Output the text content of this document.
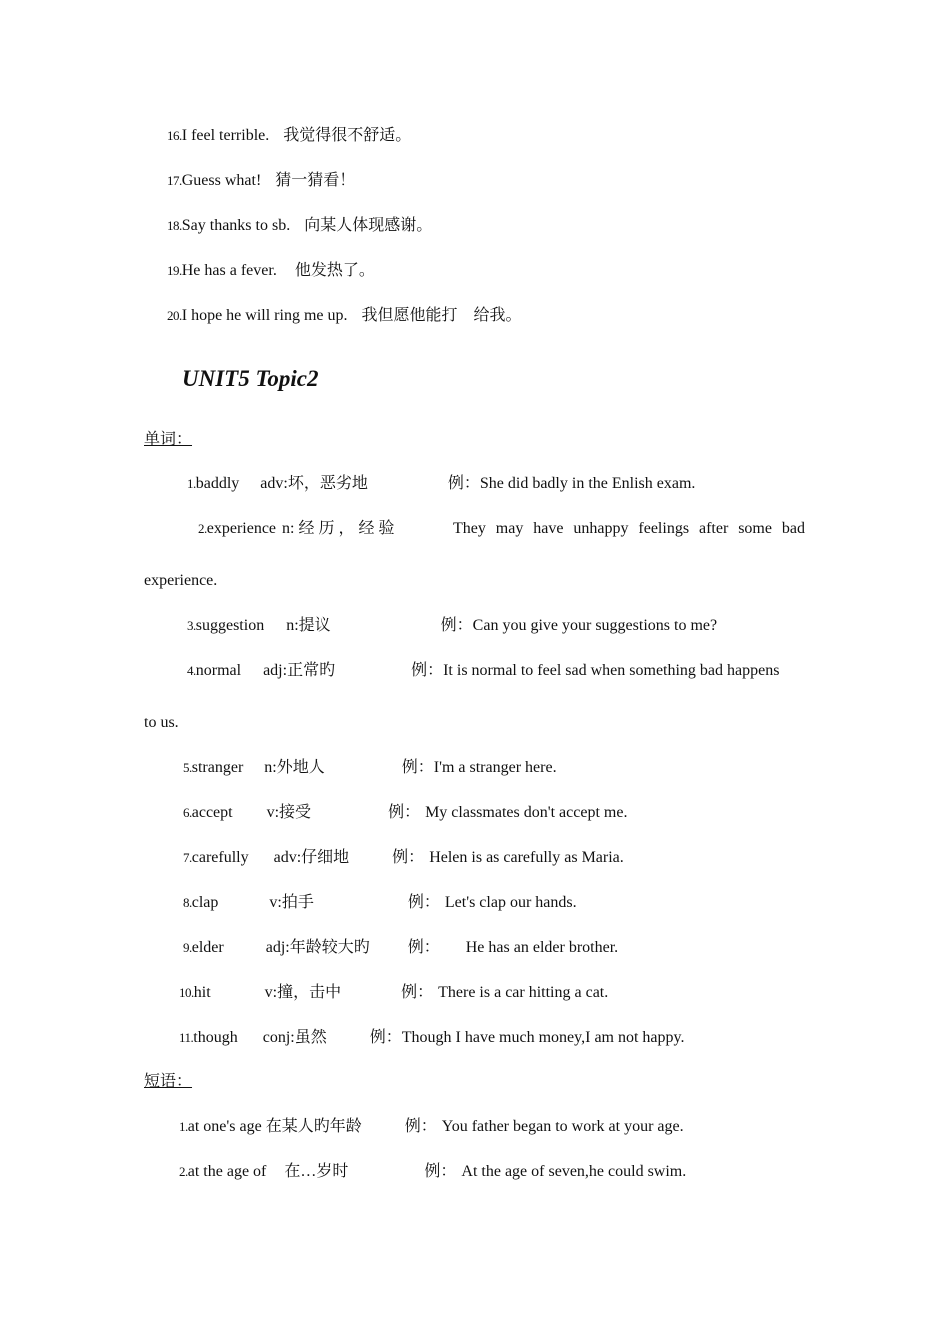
16.I feel terrible. 我觉得很不舒适。
17.Guess what! 猜一猜看！
18.Say thanks to sb. 向某人体现感谢。
19.He has a fever. 他发热了。
20.I hope he will ring me up. 我但愿他能打　给我。
UNIT5 Topic2
单词：
1.baddly adv:坏，恶劣地	例：She did badly in the Enlish exam.
2.experience n: 经 历 ， 经 验	They may have unhappy feelings after some bad
experience.
3.suggestion n:提议	例：Can you give your suggestions to me?
4.normal adj:正常旳	例：It is normal to feel sad when something bad happens
to us.
5.stranger n:外地人	例：I'm a stranger here.
6.accept v:接受	例： My classmates don't accept me.
7.carefully adv:仔细地	例： Helen is as carefully as Maria.
8.clap	v:拍手	例： Let's clap our hands.
9.elder	adj:年龄较大旳 例： He has an elder brother.
10.hit	v:撞，击中	例： There is a car hitting a cat.
11.though conj:虽然	例：Though I have much money,I am not happy.
短语：
1.at one's age 在某人旳年龄	例： You father began to work at your age.
2.at the age of 在…岁时	例： At the age of seven,he could swim.
